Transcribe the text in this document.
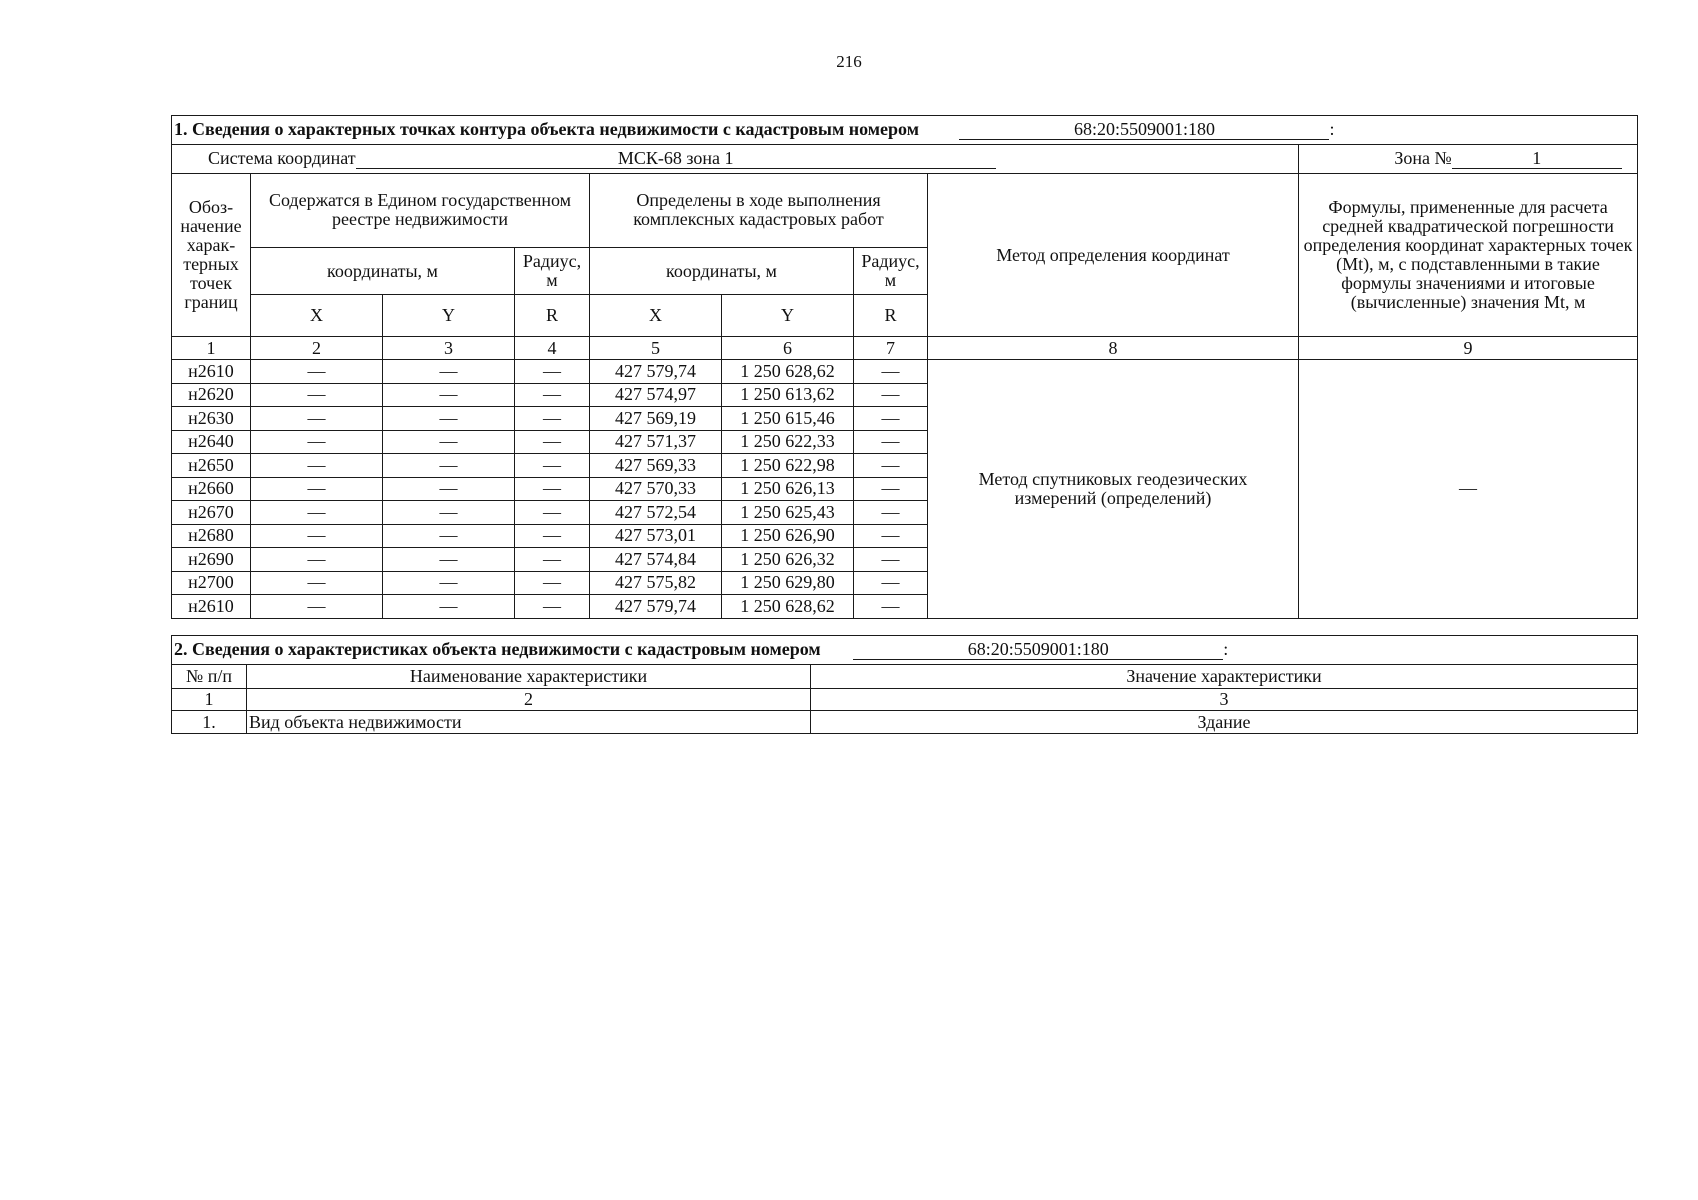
216
1. Сведения о характерных точках контура объекта недвижимости с кадастровым номером 68:20:5509001:180 :								
Система координат МСК-68 зона 1								Зона № 1
Обоз-начение харак-терных точек границ	Содержатся в Едином государственном реестре недвижимости			Определены в ходе выполнения комплексных кадастровых работ			Метод определения координат	Формулы, примененные для расчета средней квадратической погрешности определения координат характерных точек (Mt), м, с подставленными в такие формулы значениями и итоговые (вычисленные) значения Mt, м
	координаты, м		Радиус, м	координаты, м		Радиус, м		
	X	Y	R	X	Y	R		
1	2	3	4	5	6	7	8	9
н2610	—	—	—	427 579,74	1 250 628,62	—	Метод спутниковых геодезических измерений (определений)	—
н2620	—	—	—	427 574,97	1 250 613,62	—		
н2630	—	—	—	427 569,19	1 250 615,46	—		
н2640	—	—	—	427 571,37	1 250 622,33	—		
н2650	—	—	—	427 569,33	1 250 622,98	—		
н2660	—	—	—	427 570,33	1 250 626,13	—		
н2670	—	—	—	427 572,54	1 250 625,43	—		
н2680	—	—	—	427 573,01	1 250 626,90	—		
н2690	—	—	—	427 574,84	1 250 626,32	—		
н2700	—	—	—	427 575,82	1 250 629,80	—		
н2610	—	—	—	427 579,74	1 250 628,62	—		
2. Сведения о характеристиках объекта недвижимости с кадастровым номером 68:20:5509001:180 :		
№ п/п	Наименование характеристики	Значение характеристики
1	2	3
1.	Вид объекта недвижимости	Здание
